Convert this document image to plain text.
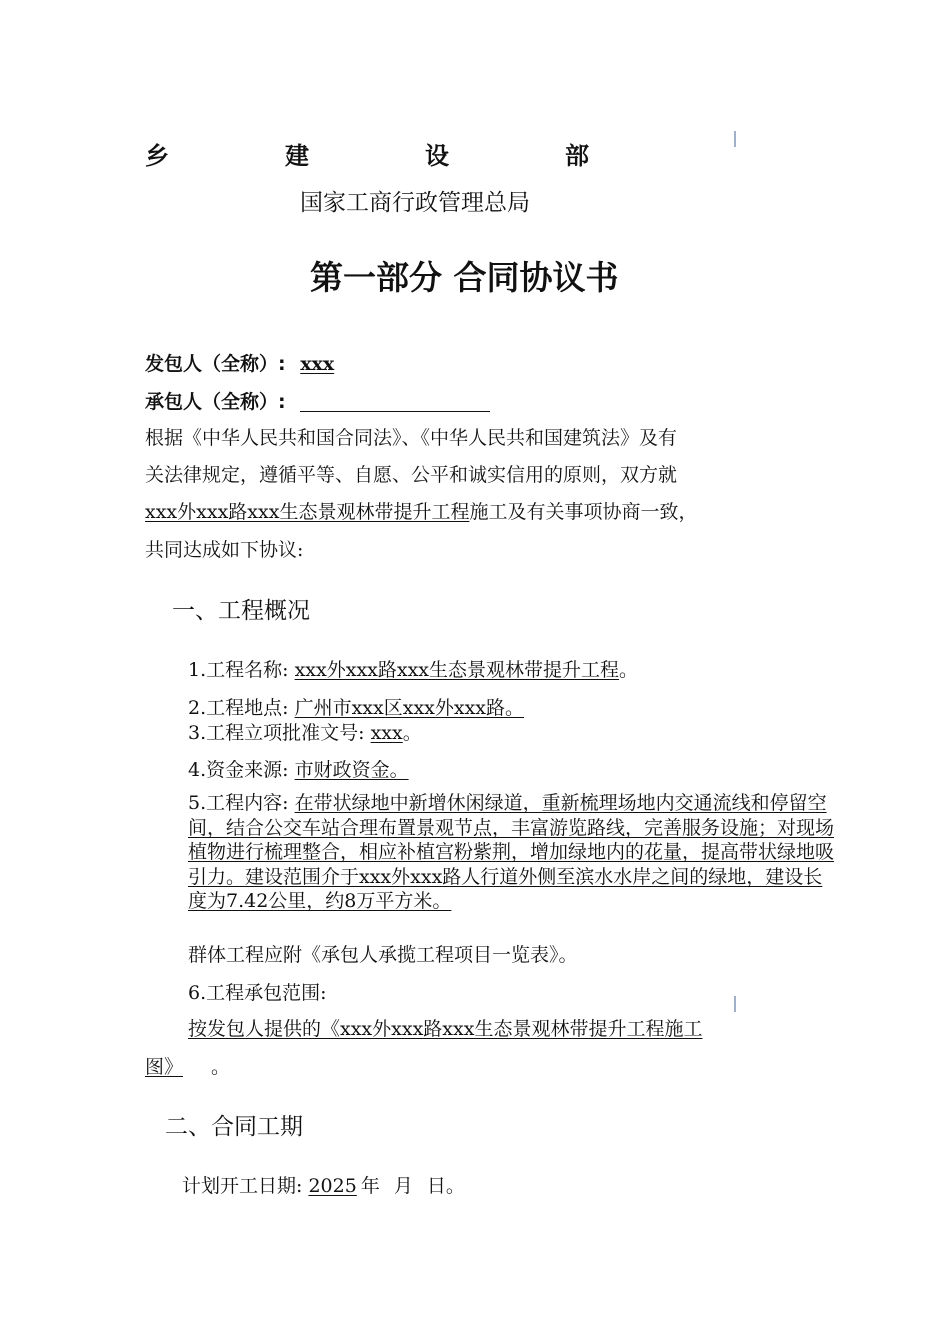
乡	建	设	部
国家工商行政管理总局
第一部分 合同协议书
发包人（全称）: xxx
承包人（全称）:
根据《中华人民共和国合同法》、《中华人民共和国建筑法》及有
关法律规定，遵循平等、自愿、公平和诚实信用的原则，双方就
xxx外xxx路xxx生态景观林带提升工程施工及有关事项协商一致，
共同达成如下协议:
一、工程概况
1.工程名称: xxx外xxx路xxx生态景观林带提升工程。
2.工程地点: 广州市xxx区xxx外xxx路。
3.工程立项批准文号: xxx。
4.资金来源: 市财政资金。
5.工程内容: 在带状绿地中新增休闲绿道，重新梳理场地内交通流线和停留空间，结合公交车站合理布置景观节点，丰富游览路线，完善服务设施；对现场植物进行梳理整合，相应补植宫粉紫荆，增加绿地内的花量，提高带状绿地吸引力。建设范围介于xxx外xxx路人行道外侧至滨水水岸之间的绿地，建设长度为7.42公里，约8万平方米。
群体工程应附《承包人承揽工程项目一览表》。
6.工程承包范围:
按发包人提供的《xxx外xxx路xxx生态景观林带提升工程施工
图》 。
二、合同工期
计划开工日期: 2025 年 月 日。
